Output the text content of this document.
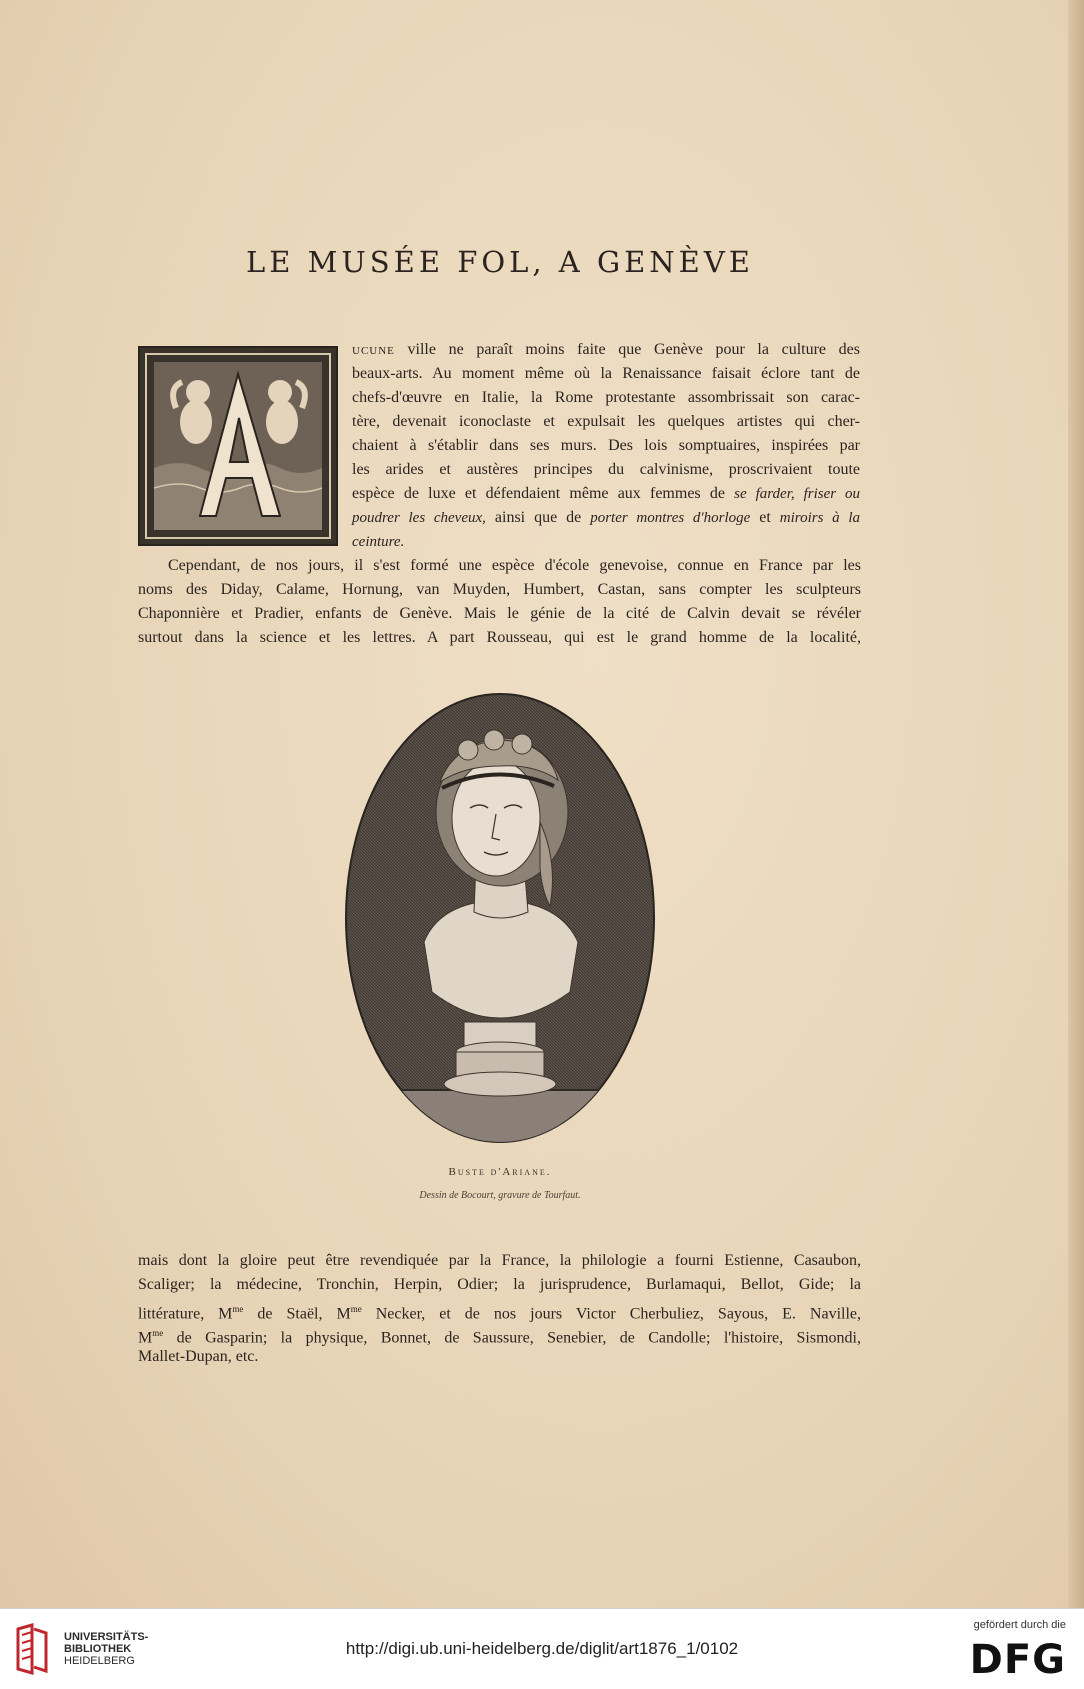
LE MUSÉE FOL, A GENÈVE
A
ucune ville ne paraît moins faite que Genève pour la culture des
beaux-arts. Au moment même où la Renaissance faisait éclore tant de
chefs-d'œuvre en Italie, la Rome protestante assombrissait son carac-
tère, devenait iconoclaste et expulsait les quelques artistes qui cher-
chaient à s'établir dans ses murs. Des lois somptuaires, inspirées par
les arides et austères principes du calvinisme, proscrivaient toute
espèce de luxe et défendaient même aux femmes de se farder, friser ou
poudrer les cheveux, ainsi que de porter montres d'horloge et miroirs à la
ceinture.
Cependant, de nos jours, il s'est formé une espèce d'école genevoise, connue en France par les
noms des Diday, Calame, Hornung, van Muyden, Humbert, Castan, sans compter les sculpteurs
Chaponnière et Pradier, enfants de Genève. Mais le génie de la cité de Calvin devait se révéler
surtout dans la science et les lettres. A part Rousseau, qui est le grand homme de la localité,
Buste d'Ariane.
Dessin de Bocourt, gravure de Tourfaut.
mais dont la gloire peut être revendiquée par la France, la philologie a fourni Estienne, Casaubon,
Scaliger; la médecine, Tronchin, Herpin, Odier; la jurisprudence, Burlamaqui, Bellot, Gide; la
littérature, $M^{me}$ de Staël, $M^{me}$ Necker, et de nos jours Victor Cherbuliez, Sayous, E. Naville,
$M^{me}$ de Gasparin; la physique, Bonnet, de Saussure, Senebier, de Candolle; l'histoire, Sismondi,
Mallet-Dupan, etc.
UNIVERSITÄTS-
BIBLIOTHEK
HEIDELBERG
http://digi.ub.uni-heidelberg.de/diglit/art1876_1/0102
gefördert durch die
DFG
